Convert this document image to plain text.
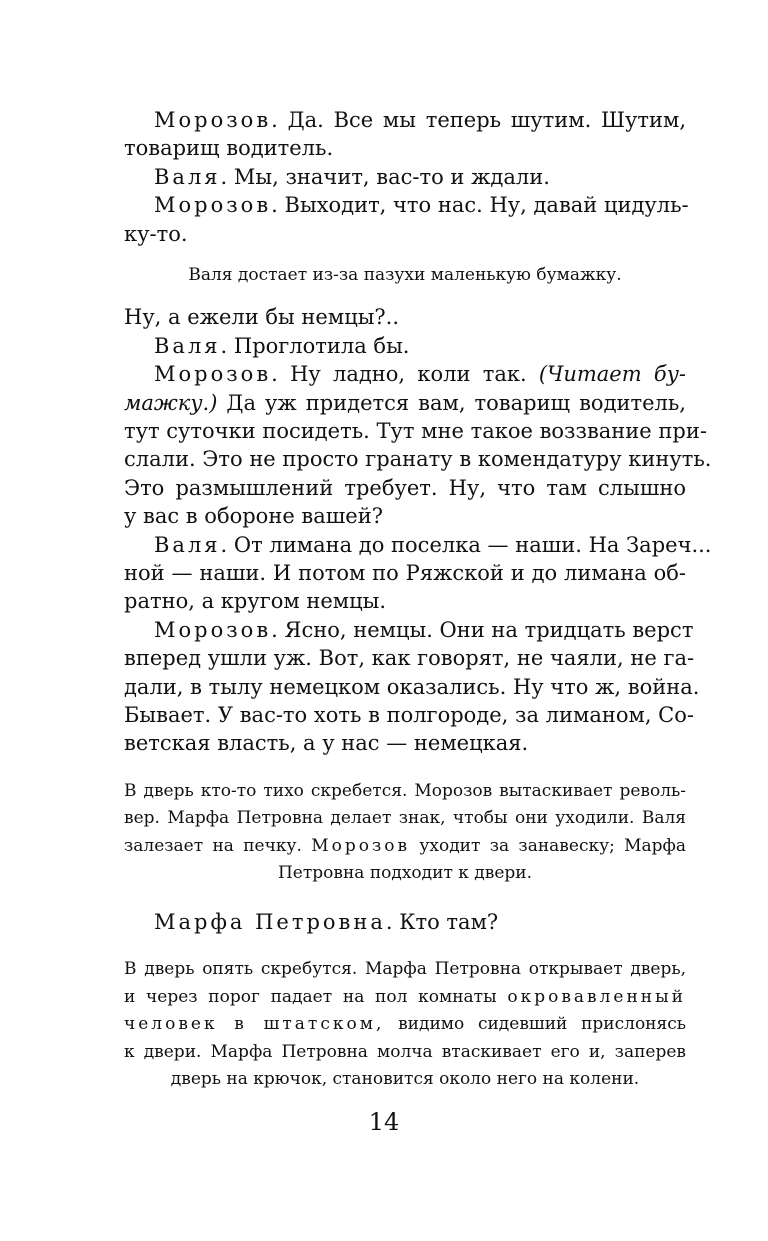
Морозов. Да. Все мы теперь шутим. Шутим,
товарищ водитель.
Валя. Мы, значит, вас-то и ждали.
Морозов. Выходит, что нас. Ну, давай цидуль-
ку-то.
Валя достает из-за пазухи маленькую бумажку.
Ну, а ежели бы немцы?..
Валя. Проглотила бы.
Морозов. Ну ладно, коли так. (Читает бу-
мажку.) Да уж придется вам, товарищ водитель,
тут суточки посидеть. Тут мне такое воззвание при-
слали. Это не просто гранату в комендатуру кинуть.
Это размышлений требует. Ну, что там слышно
у вас в обороне вашей?
Валя. От лимана до поселка — наши. На Зареч...
ной — наши. И потом по Ряжской и до лимана об-
ратно, а кругом немцы.
Морозов. Ясно, немцы. Они на тридцать верст
вперед ушли уж. Вот, как говорят, не чаяли, не га-
дали, в тылу немецком оказались. Ну что ж, война.
Бывает. У вас-то хоть в полгороде, за лиманом, Со-
ветская власть, а у нас — немецкая.
В дверь кто-то тихо скребется. Морозов вытаскивает револь-
вер. Марфа Петровна делает знак, чтобы они уходили. Валя
залезает на печку. Морозов уходит за занавеску; Марфа
Петровна подходит к двери.
Марфа Петровна. Кто там?
В дверь опять скребутся. Марфа Петровна открывает дверь,
и через порог падает на пол комнаты окровавленный
человек в штатском, видимо сидевший прислонясь
к двери. Марфа Петровна молча втаскивает его и, заперев
дверь на крючок, становится около него на колени.
14
